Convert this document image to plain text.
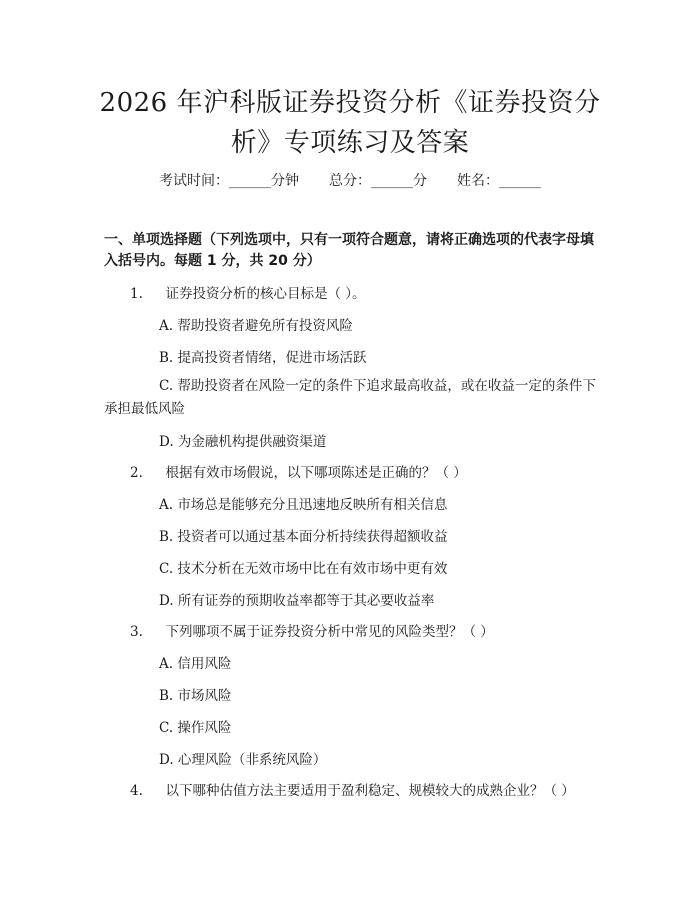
2026 年沪科版证券投资分析《证券投资分
析》专项练习及答案
考试时间：______分钟 总分：______分 姓名：______

一、单项选择题（下列选项中，只有一项符合题意，请将正确选项的代表字母填入括号内。每题 1 分，共 20 分）

1. 证券投资分析的核心目标是（ ）。
A. 帮助投资者避免所有投资风险
B. 提高投资者情绪，促进市场活跃
C. 帮助投资者在风险一定的条件下追求最高收益，或在收益一定的条件下承担最低风险
D. 为金融机构提供融资渠道
2. 根据有效市场假说，以下哪项陈述是正确的？（ ）
A. 市场总是能够充分且迅速地反映所有相关信息
B. 投资者可以通过基本面分析持续获得超额收益
C. 技术分析在无效市场中比在有效市场中更有效
D. 所有证券的预期收益率都等于其必要收益率
3. 下列哪项不属于证券投资分析中常见的风险类型？（ ）
A. 信用风险
B. 市场风险
C. 操作风险
D. 心理风险（非系统风险）
4. 以下哪种估值方法主要适用于盈利稳定、规模较大的成熟企业？（ ）
